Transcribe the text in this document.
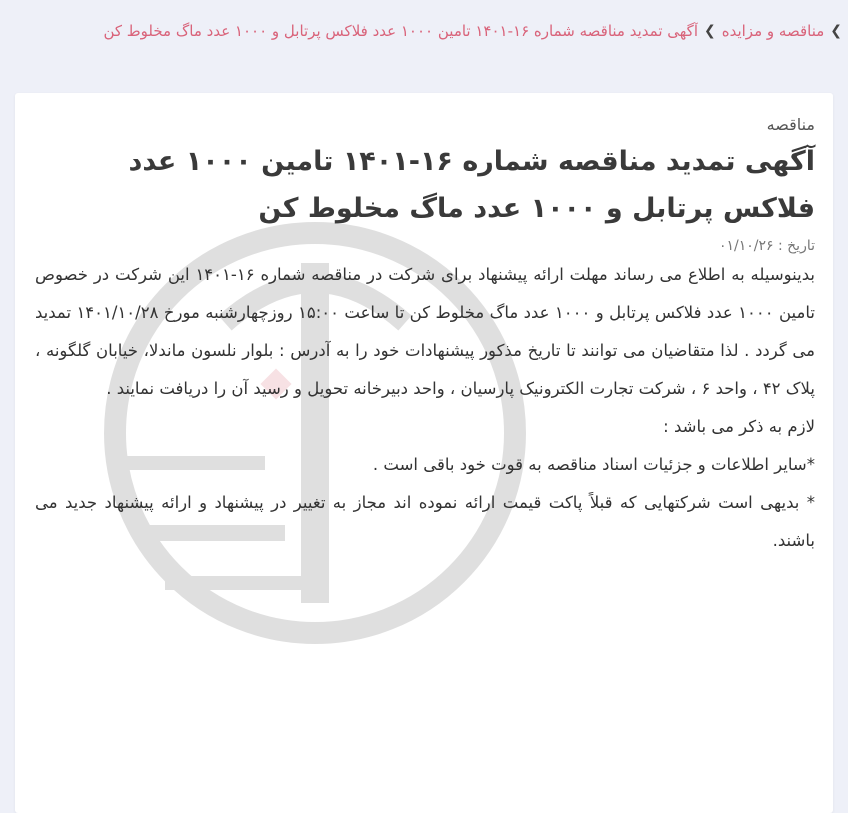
❯
مناقصه و مزایده
❯
آگهی تمدید مناقصه شماره ۱۶-۱۴۰۱ تامین ۱۰۰۰ عدد فلاکس پرتابل و ۱۰۰۰ عدد ماگ مخلوط کن
مناقصه
آگهی تمدید مناقصه شماره ۱۶-۱۴۰۱ تامین ۱۰۰۰ عدد فلاکس پرتابل و ۱۰۰۰ عدد ماگ مخلوط کن
تاریخ : ۰۱/۱۰/۲۶

بدینوسیله به اطلاع می رساند مهلت ارائه پیشنهاد برای شرکت در مناقصه شماره ۱۶-۱۴۰۱ این شرکت در خصوص تامین ۱۰۰۰ عدد فلاکس پرتابل و ۱۰۰۰ عدد ماگ مخلوط کن تا ساعت ۱۵:۰۰ روزچهارشنبه مورخ ۱۴۰۱/۱۰/۲۸ تمدید می گردد . لذا متقاضیان می توانند تا تاریخ مذکور پیشنهادات خود را به آدرس : بلوار نلسون ماندلا، خیابان گلگونه ، پلاک ۴۲ ، واحد ۶ ، شرکت تجارت الکترونیک پارسیان ، واحد دبیرخانه تحویل و رسید آن را دریافت نمایند .

لازم به ذکر می باشد :

*سایر اطلاعات و جزئیات اسناد مناقصه به قوت خود باقی است .

* بدیهی است شرکتهایی که قبلاً پاکت قیمت ارائه نموده اند مجاز به تغییر در پیشنهاد و ارائه پیشنهاد جدید می باشند.
